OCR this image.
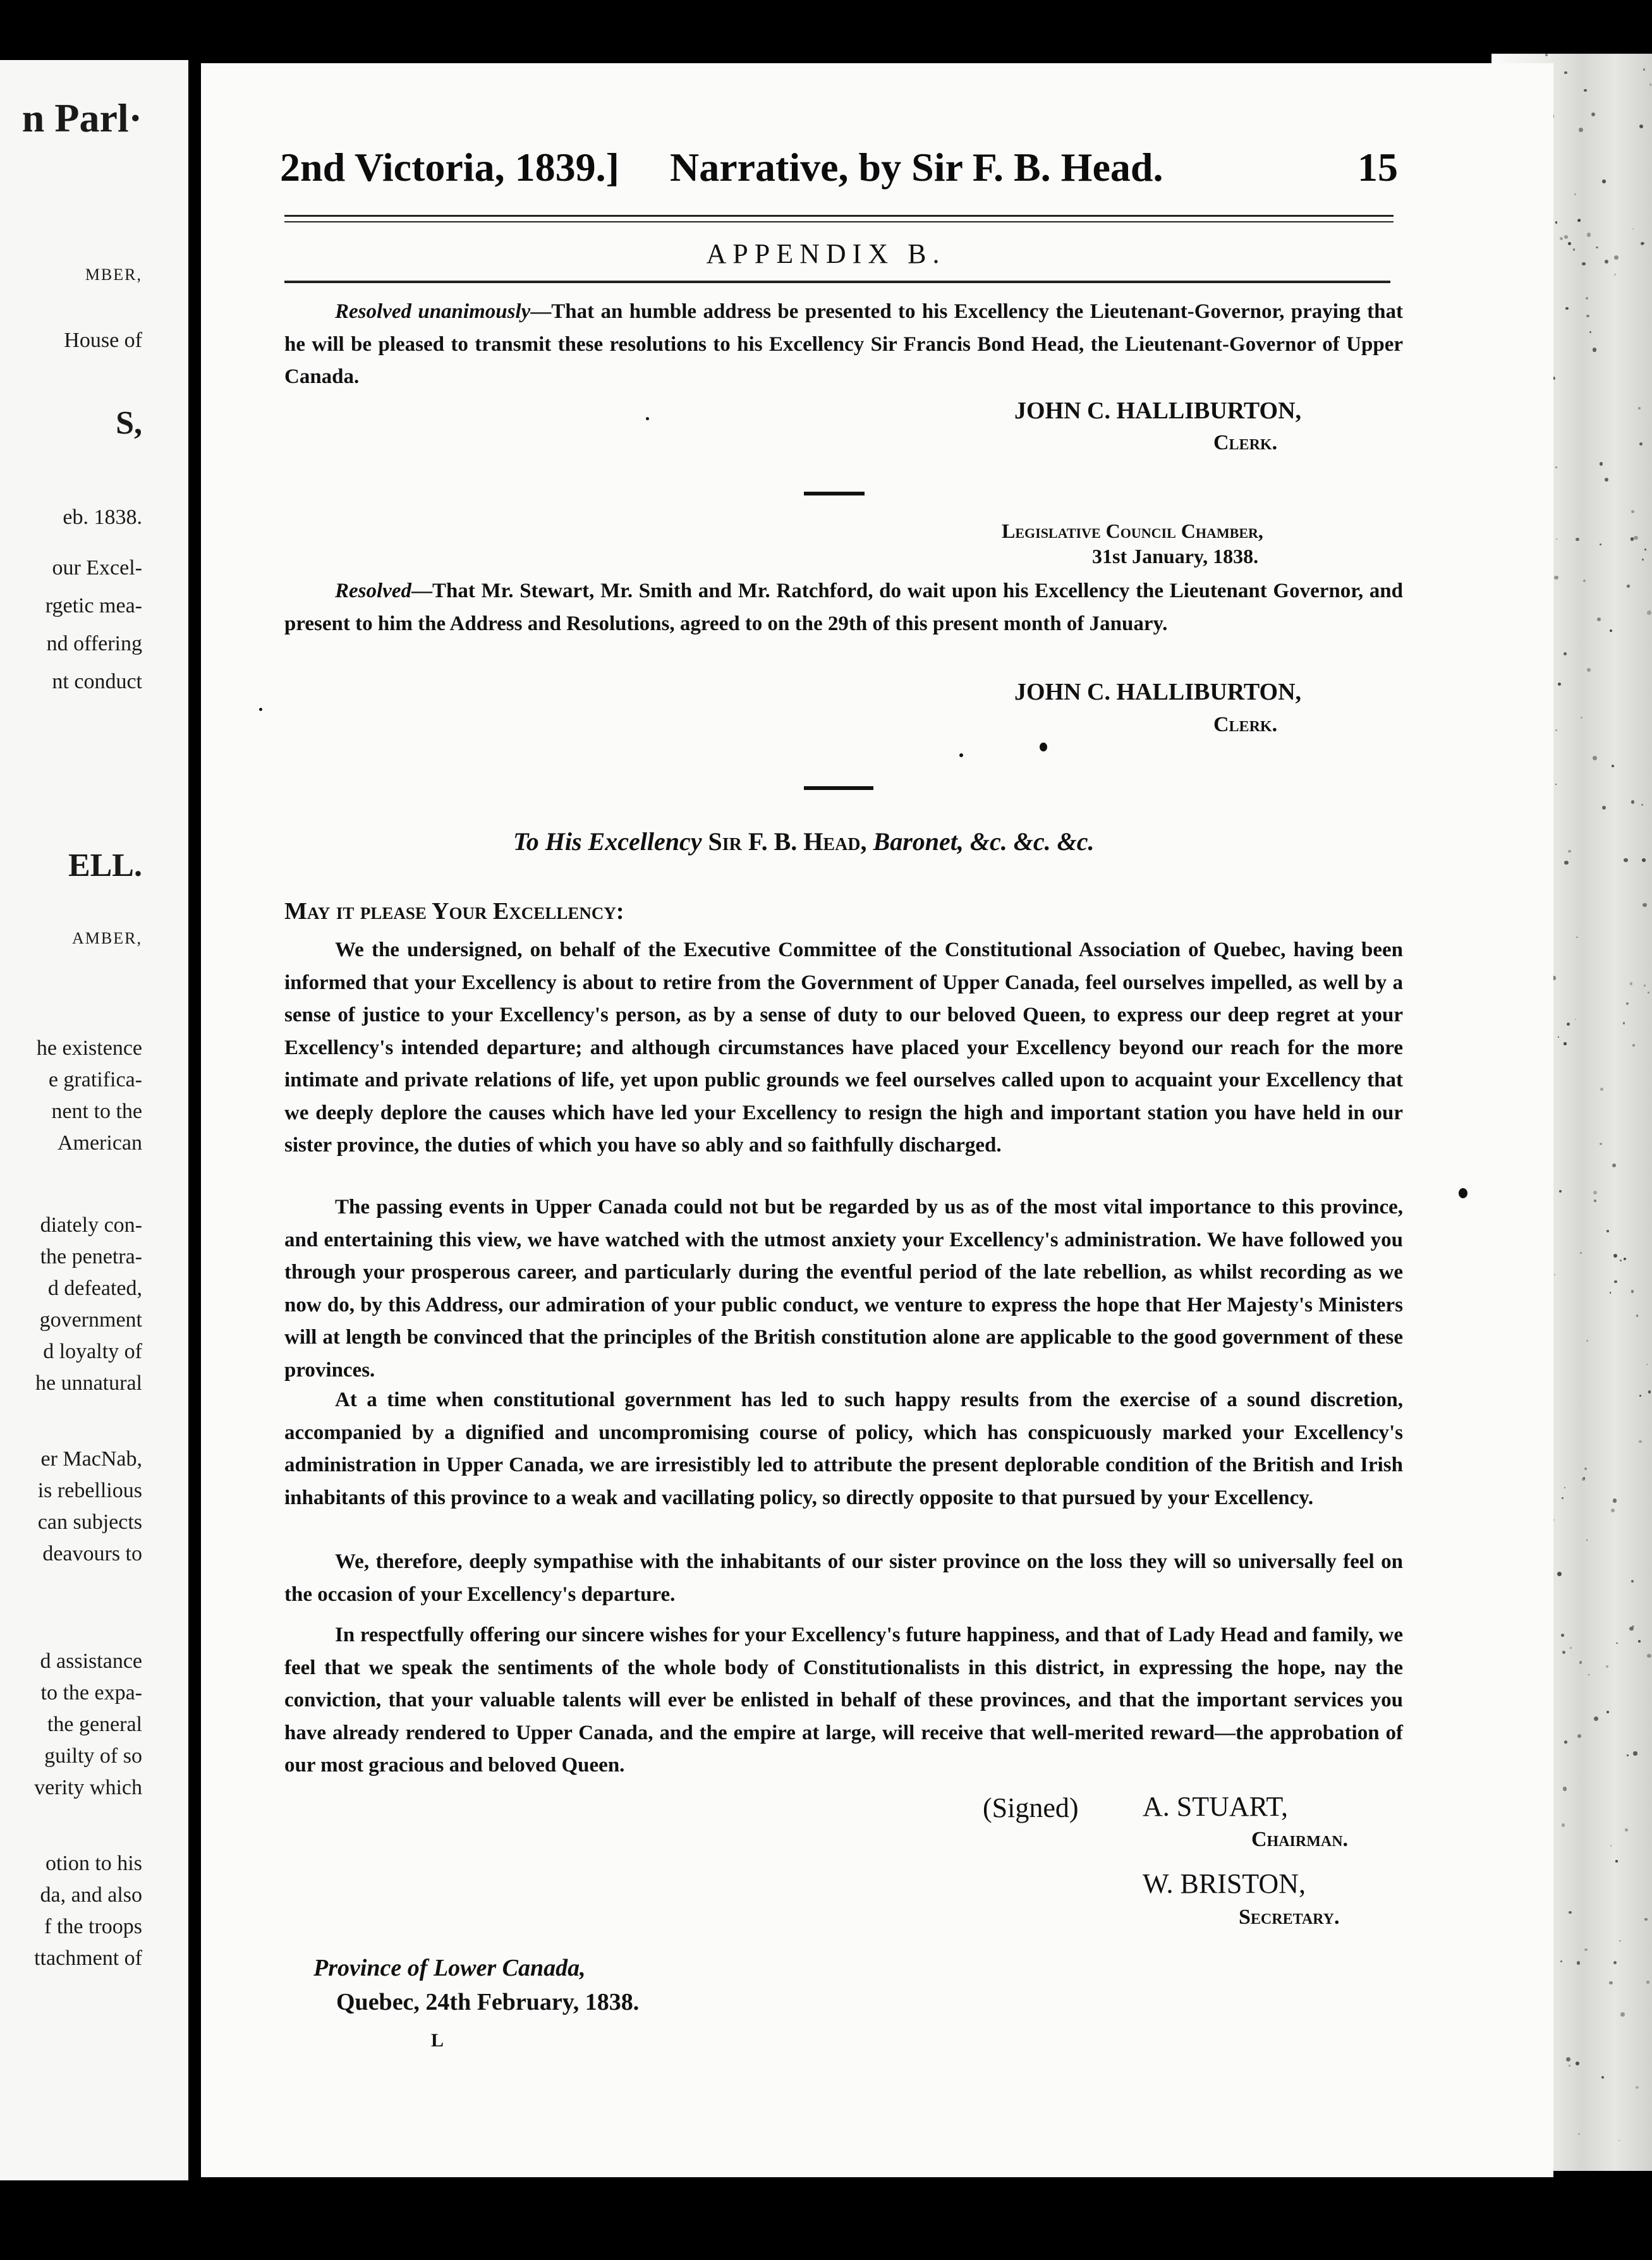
n Parl·
MBER,
House of
S,
eb. 1838.
our Excel-
rgetic mea-
nd offering
nt conduct
ELL.
AMBER,
he existence
e gratifica-
nent to the
American
diately con-
the penetra-
d defeated,
government
d loyalty of
he unnatural
er MacNab,
is rebellious
can subjects
deavours to
d assistance
to the expa-
the general
guilty of so
verity which
otion to his
da, and also
f the troops
ttachment of
2nd Victoria, 1839.] Narrative, by Sir F. B. Head.	15
APPENDIX B.
Resolved unanimously—That an humble address be presented to his Excellency the Lieutenant-Governor, praying that he will be pleased to transmit these resolutions to his Excellency Sir Francis Bond Head, the Lieutenant-Governor of Upper Canada.
JOHN C. HALLIBURTON,
Clerk.
Legislative Council Chamber,
31st January, 1838.
Resolved—That Mr. Stewart, Mr. Smith and Mr. Ratchford, do wait upon his Excellency the Lieutenant Governor, and present to him the Address and Resolutions, agreed to on the 29th of this present month of January.
JOHN C. HALLIBURTON,
Clerk.
To His Excellency Sir F. B. Head, Baronet, &c. &c. &c.
May it please Your Excellency:
We the undersigned, on behalf of the Executive Committee of the Constitutional Association of Quebec, having been informed that your Excellency is about to retire from the Government of Upper Canada, feel ourselves impelled, as well by a sense of justice to your Excellency's person, as by a sense of duty to our beloved Queen, to express our deep regret at your Excellency's intended departure; and although circumstances have placed your Excellency beyond our reach for the more intimate and private relations of life, yet upon public grounds we feel ourselves called upon to acquaint your Excellency that we deeply deplore the causes which have led your Excellency to resign the high and important station you have held in our sister province, the duties of which you have so ably and so faithfully discharged.
The passing events in Upper Canada could not but be regarded by us as of the most vital importance to this province, and entertaining this view, we have watched with the utmost anxiety your Excellency's administration. We have followed you through your prosperous career, and particularly during the eventful period of the late rebellion, as whilst recording as we now do, by this Address, our admiration of your public conduct, we venture to express the hope that Her Majesty's Ministers will at length be convinced that the principles of the British constitution alone are applicable to the good government of these provinces.
At a time when constitutional government has led to such happy results from the exercise of a sound discretion, accompanied by a dignified and uncompromising course of policy, which has conspicuously marked your Excellency's administration in Upper Canada, we are irresistibly led to attribute the present deplorable condition of the British and Irish inhabitants of this province to a weak and vacillating policy, so directly opposite to that pursued by your Excellency.
We, therefore, deeply sympathise with the inhabitants of our sister province on the loss they will so universally feel on the occasion of your Excellency's departure.
In respectfully offering our sincere wishes for your Excellency's future happiness, and that of Lady Head and family, we feel that we speak the sentiments of the whole body of Constitutionalists in this district, in expressing the hope, nay the conviction, that your valuable talents will ever be enlisted in behalf of these provinces, and that the important services you have already rendered to Upper Canada, and the empire at large, will receive that well-merited reward—the approbation of our most gracious and beloved Queen.
(Signed) A. STUART,
Chairman.
W. BRISTON,
Secretary.
Province of Lower Canada,
Quebec, 24th February, 1838.
L
